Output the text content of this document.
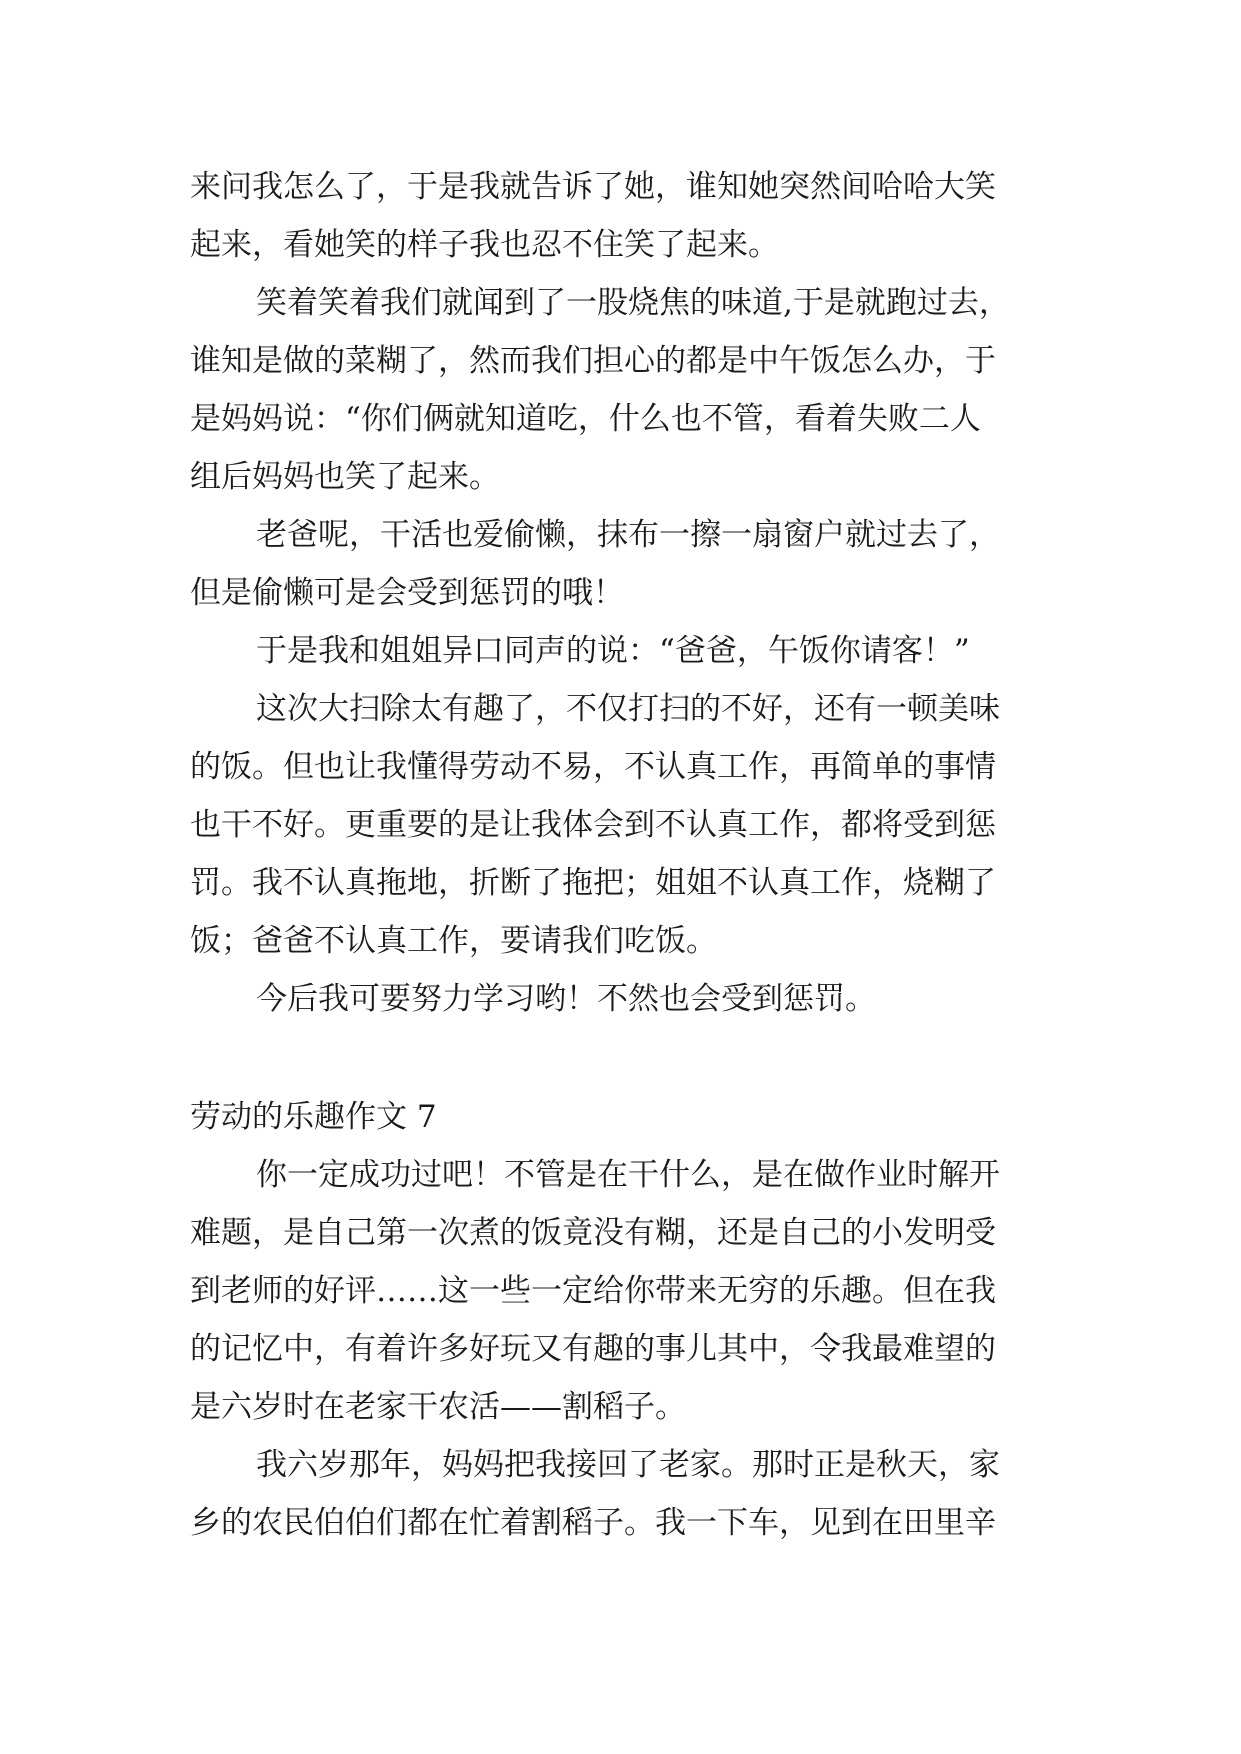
来问我怎么了，于是我就告诉了她，谁知她突然间哈哈大笑
起来，看她笑的样子我也忍不住笑了起来。
笑着笑着我们就闻到了一股烧焦的味道,于是就跑过去，
谁知是做的菜糊了，然而我们担心的都是中午饭怎么办，于
是妈妈说：“你们俩就知道吃，什么也不管，看着失败二人
组后妈妈也笑了起来。
老爸呢，干活也爱偷懒，抹布一擦一扇窗户就过去了，
但是偷懒可是会受到惩罚的哦！
于是我和姐姐异口同声的说：“爸爸，午饭你请客！”
这次大扫除太有趣了，不仅打扫的不好，还有一顿美味
的饭。但也让我懂得劳动不易，不认真工作，再简单的事情
也干不好。更重要的是让我体会到不认真工作，都将受到惩
罚。我不认真拖地，折断了拖把；姐姐不认真工作，烧糊了
饭；爸爸不认真工作，要请我们吃饭。
今后我可要努力学习哟！不然也会受到惩罚。
劳动的乐趣作文 7
你一定成功过吧！不管是在干什么，是在做作业时解开
难题，是自己第一次煮的饭竟没有糊，还是自己的小发明受
到老师的好评……这一些一定给你带来无穷的乐趣。但在我
的记忆中，有着许多好玩又有趣的事儿其中，令我最难望的
是六岁时在老家干农活——割稻子。
我六岁那年，妈妈把我接回了老家。那时正是秋天，家
乡的农民伯伯们都在忙着割稻子。我一下车，见到在田里辛
